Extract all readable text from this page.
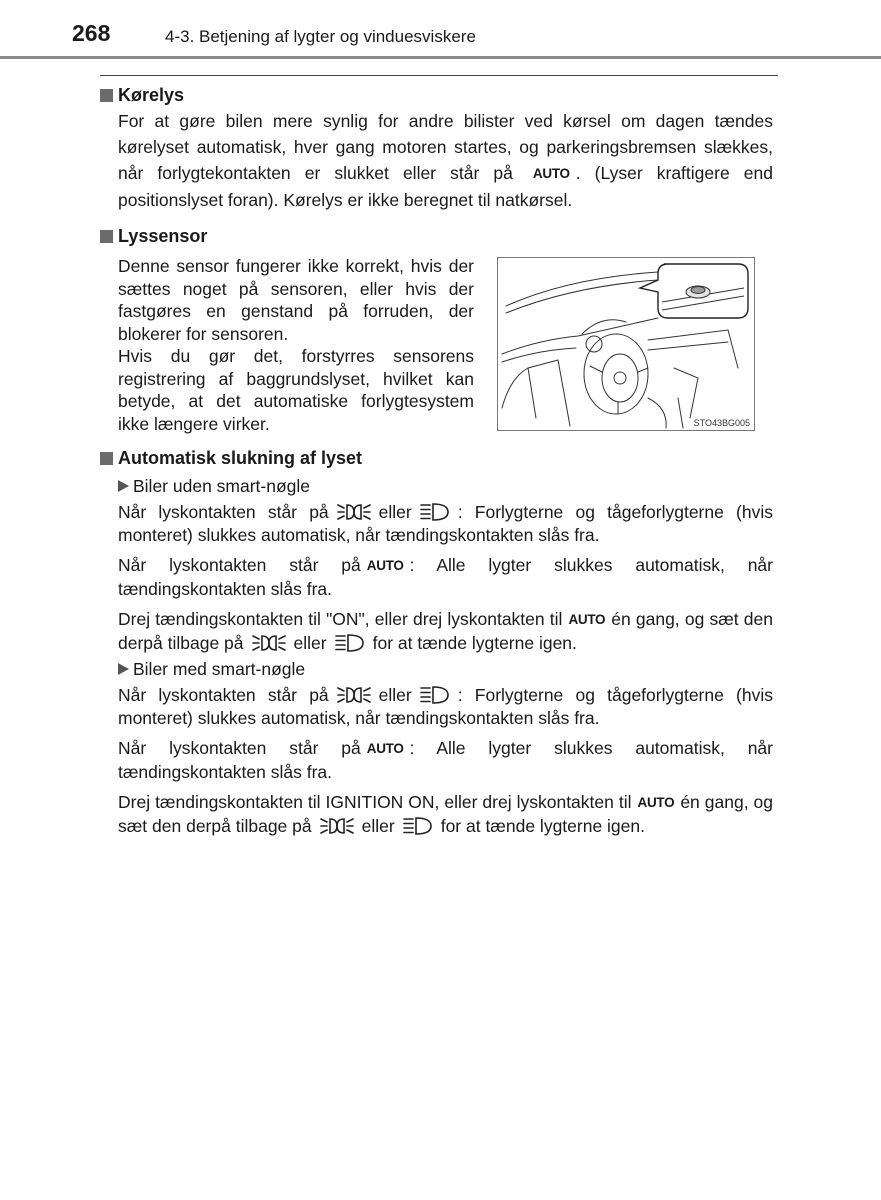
268	4-3. Betjening af lygter og vinduesviskere
Kørelys

For at gøre bilen mere synlig for andre bilister ved kørsel om dagen tændes kørelyset automatisk, hver gang motoren startes, og parkeringsbremsen slækkes, når forlygtekontakten er slukket eller står på AUTO . (Lyser kraftigere end positionslyset foran). Kørelys er ikke beregnet til natkørsel.

Lyssensor

Denne sensor fungerer ikke korrekt, hvis der sættes noget på sensoren, eller hvis der fastgøres en genstand på forruden, der blokerer for sensoren.

Hvis du gør det, forstyrres sensorens registrering af baggrundslyset, hvilket kan betyde, at det automatiske forlygtesystem ikke længere virker.	STO43BG005
Automatisk slukning af lyset
Biler uden smart-nøgle

Når lyskontakten står på	eller	: Forlygterne og tågeforlygterne (hvis monteret) slukkes automatisk, når tændingskontakten slås fra.

Når lyskontakten står på AUTO : Alle lygter slukkes automatisk, når tændingskontakten slås fra.

Drej tændingskontakten til "ON", eller drej lyskontakten til AUTO én gang, og sæt den derpå tilbage på	eller	for at tænde lygterne igen.

Biler med smart-nøgle

Når lyskontakten står på	eller	: Forlygterne og tågeforlygterne (hvis monteret) slukkes automatisk, når tændingskontakten slås fra.

Når lyskontakten står på AUTO : Alle lygter slukkes automatisk, når tændingskontakten slås fra.

Drej tændingskontakten til IGNITION ON, eller drej lyskontakten til AUTO én gang, og sæt den derpå tilbage på	eller	for at tænde lygterne igen.
